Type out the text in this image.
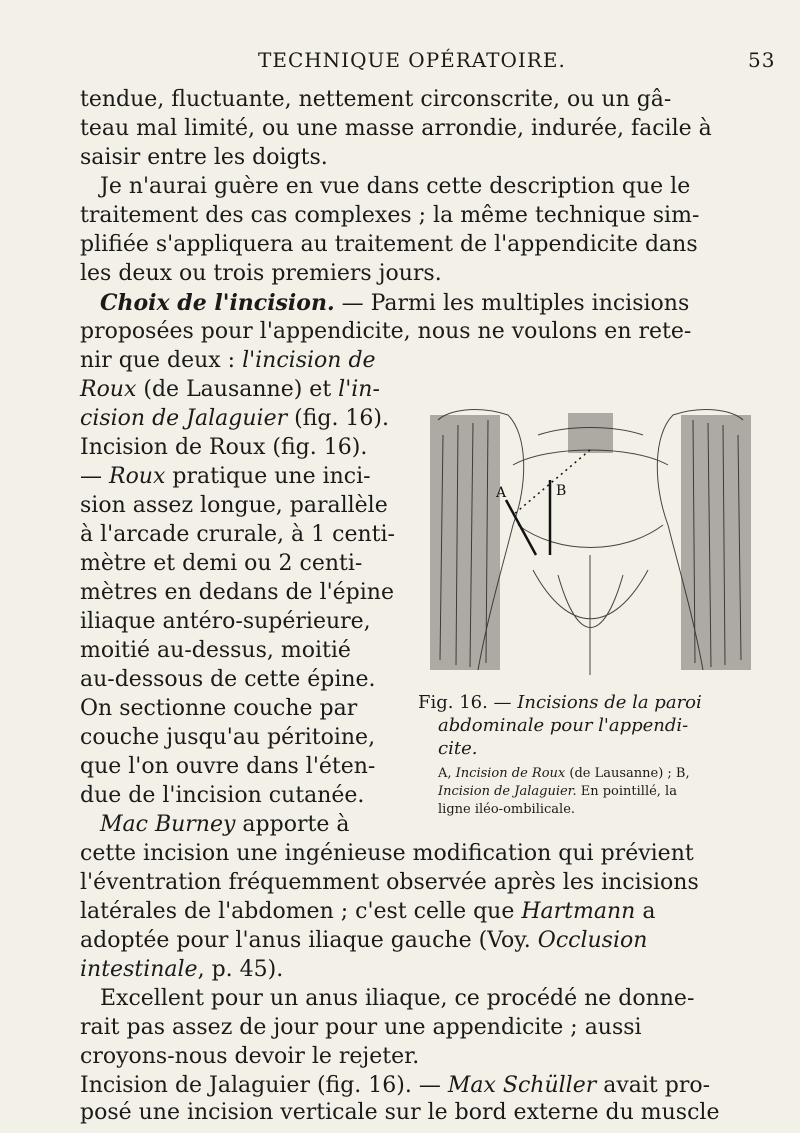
TECHNIQUE OPÉRATOIRE.	53
tendue, fluctuante, nettement circonscrite, ou un gâ-
teau mal limité, ou une masse arrondie, indurée, facile à
saisir entre les doigts.
Je n'aurai guère en vue dans cette description que le
traitement des cas complexes ; la même technique sim-
plifiée s'appliquera au traitement de l'appendicite dans
les deux ou trois premiers jours.
Choix de l'incision. — Parmi les multiples incisions
proposées pour l'appendicite, nous ne voulons en rete-
nir que deux : l'incision de
Roux (de Lausanne) et l'in-
cision de Jalaguier (fig. 16).
Incision de Roux (fig. 16).
— Roux pratique une inci-
sion assez longue, parallèle
à l'arcade crurale, à 1 centi-
mètre et demi ou 2 centi-
mètres en dedans de l'épine
iliaque antéro-supérieure,
moitié au-dessus, moitié
au-dessous de cette épine.
On sectionne couche par
couche jusqu'au péritoine,
que l'on ouvre dans l'éten-
due de l'incision cutanée.
Mac Burney apporte à
cette incision une ingénieuse modification qui prévient
l'éventration fréquemment observée après les incisions
latérales de l'abdomen ; c'est celle que Hartmann a
adoptée pour l'anus iliaque gauche (Voy. Occlusion
intestinale, p. 45).
Excellent pour un anus iliaque, ce procédé ne donne-
rait pas assez de jour pour une appendicite ; aussi
croyons-nous devoir le rejeter.
Incision de Jalaguier (fig. 16). — Max Schüller avait pro-
posé une incision verticale sur le bord externe du muscle
A	B
Fig. 16. — Incisions de la paroi
abdominale pour l'appendi-
cite.
A, Incision de Roux (de Lausanne) ; B,
Incision de Jalaguier. En pointillé, la
ligne iléo-ombilicale.
